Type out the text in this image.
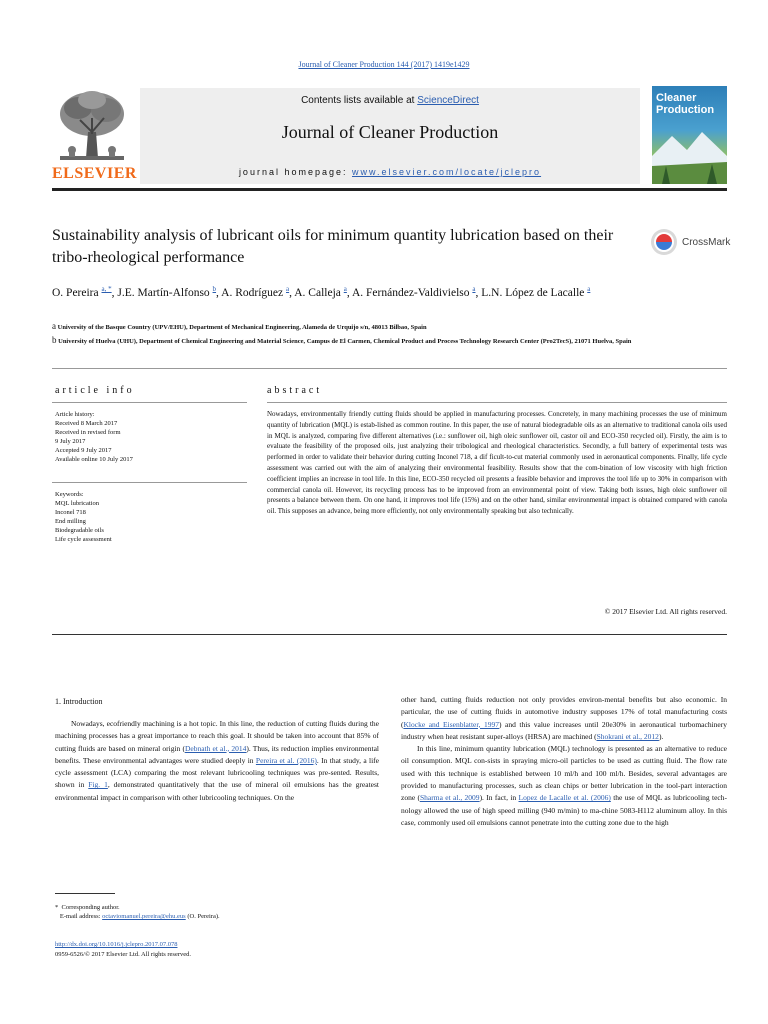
Journal of Cleaner Production 144 (2017) 1419e1429
ELSEVIER
Contents lists available at ScienceDirect
Journal of Cleaner Production
journal homepage: www.elsevier.com/locate/jclepro
Cleaner Production
Sustainability analysis of lubricant oils for minimum quantity lubrication based on their tribo-rheological performance
CrossMark
O. Pereira $^{a, *}$, J.E. Martín-Alfonso $^b$, A. Rodríguez $^a$, A. Calleja $^a$, A. Fernández-Valdivielso $^a$, L.N. López de Lacalle $^a$
a University of the Basque Country (UPV/EHU), Department of Mechanical Engineering, Alameda de Urquijo s/n, 48013 Bilbao, Spain
b University of Huelva (UHU), Department of Chemical Engineering and Material Science, Campus de El Carmen, Chemical Product and Process Technology Research Center (Pro2TecS), 21071 Huelva, Spain
article info
Article history:
Received 8 March 2017
Received in revised form
9 July 2017
Accepted 9 July 2017
Available online 10 July 2017
Keywords:
MQL lubrication
Inconel 718
End milling
Biodegradable oils
Life cycle assessment
abstract
Nowadays, environmentally friendly cutting fluids should be applied in manufacturing processes. Concretely, in many machining processes the use of minimum quantity of lubrication (MQL) is estab-lished as common routine. In this paper, the use of natural biodegradable oils as an alternative to traditional canola oils used in MQL is analyzed, comparing five different alternatives (i.e.: sunflower oil, high oleic sunflower oil, castor oil and ECO-350 recycled oil). Firstly, the aim is to evaluate the feasibility of the proposed oils, just analyzing their tribological and rheological characteristics. Secondly, a full battery of experimental tests was performed in order to validate their behavior during cutting Inconel 718, a dif ficult-to-cut material commonly used in aeronautical components. Finally, life cycle assessment was carried out with the aim of analyzing their environmental feasibility. Results show that the com-bination of low viscosity with high friction coefficient implies an increase in tool life. In this line, ECO-350 recycled oil presents a feasible behavior and improves the tool life up to 30% in comparison with commercial canola oil. However, its recycling process has to be improved from an environmental point of view. Taking both issues, high oleic sunflower oil presents a balance between them. On one hand, it improves tool life (15%) and on the other hand, similar environmental impact is obtained compared with canola oil. This supposes an advance, being more efficiently, not only environmentally speaking but also technically.
© 2017 Elsevier Ltd. All rights reserved.
1. Introduction

Nowadays, ecofriendly machining is a hot topic. In this line, the reduction of cutting fluids during the machining processes has a great importance to reach this goal. It should be taken into account that 85% of cutting fluids are based on mineral origin (Debnath et al., 2014). Thus, its reduction implies environmental benefits. These environmental advantages were studied deeply in Pereira et al. (2016). In that study, a life cycle assessment (LCA) comparing the most relevant lubricooling techniques was pre-sented. Results, shown in Fig. 1, demonstrated quantitatively that the use of mineral oil emulsions has the greatest environmental impact in comparison with other lubricooling techniques. On the

other hand, cutting fluids reduction not only provides environ-mental benefits but also economic. In particular, the use of cutting fluids in automotive industry supposes 17% of total manufacturing costs (Klocke and Eisenblatter, 1997) and this value increases until 20e30% in aeronautical turbomachinery industry when heat resistant super-alloys (HRSA) are machined (Shokrani et al., 2012).

In this line, minimum quantity lubrication (MQL) technology is presented as an alternative to reduce oil consumption. MQL con-sists in spraying micro-oil particles to be used as cutting fluid. The flow rate used with this technique is established between 10 ml/h and 100 ml/h. Besides, several advantages are provided to manufacturing processes, such as clean chips or better lubrication in the tool-part interaction zone (Sharma et al., 2009). In fact, in Lopez de Lacalle et al. (2006) the use of MQL as lubricooling tech-nology allowed the use of high speed milling (940 m/min) to ma-chine 5083-H112 aluminum alloy. In this case, commonly used oil emulsions cannot penetrate into the cutting zone due to the high

* Corresponding author.
E-mail address: octaviomanuel.pereira@ehu.eus (O. Pereira).
http://dx.doi.org/10.1016/j.jclepro.2017.07.078
0959-6526/© 2017 Elsevier Ltd. All rights reserved.
